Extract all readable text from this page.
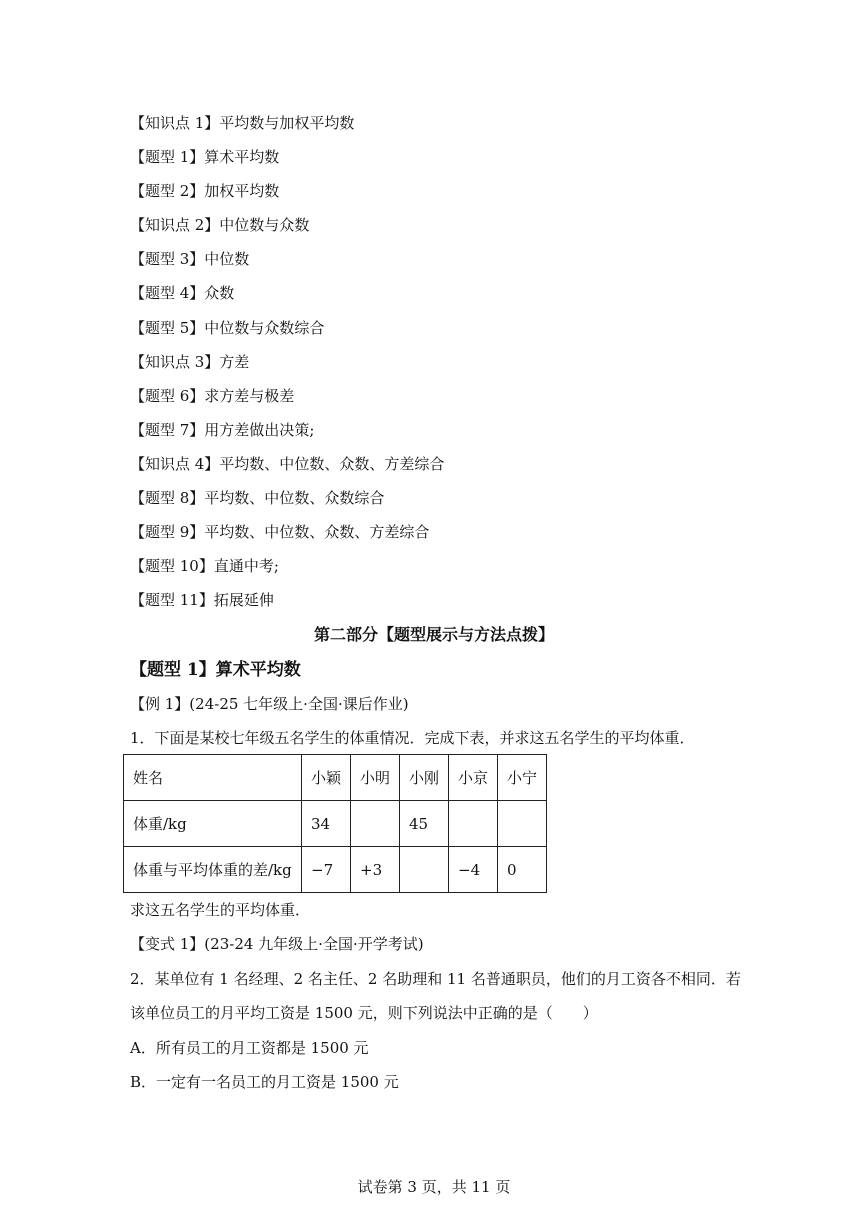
【知识点 1】平均数与加权平均数
【题型 1】算术平均数
【题型 2】加权平均数
【知识点 2】中位数与众数
【题型 3】中位数
【题型 4】众数
【题型 5】中位数与众数综合
【知识点 3】方差
【题型 6】求方差与极差
【题型 7】用方差做出决策;
【知识点 4】平均数、中位数、众数、方差综合
【题型 8】平均数、中位数、众数综合
【题型 9】平均数、中位数、众数、方差综合
【题型 10】直通中考;
【题型 11】拓展延伸
第二部分【题型展示与方法点拨】
【题型 1】算术平均数
【例 1】(24-25 七年级上·全国·课后作业)
1．下面是某校七年级五名学生的体重情况．完成下表，并求这五名学生的平均体重．
姓名	小颖	小明	小刚	小京	小宁
体重/kg	34		45		
体重与平均体重的差/kg	−7	+3		−4	0
求这五名学生的平均体重．
【变式 1】(23-24 九年级上·全国·开学考试)
2．某单位有 1 名经理、2 名主任、2 名助理和 11 名普通职员，他们的月工资各不相同．若
该单位员工的月平均工资是 1500 元，则下列说法中正确的是（　　）
A．所有员工的月工资都是 1500 元
B．一定有一名员工的月工资是 1500 元
试卷第 3 页，共 11 页
